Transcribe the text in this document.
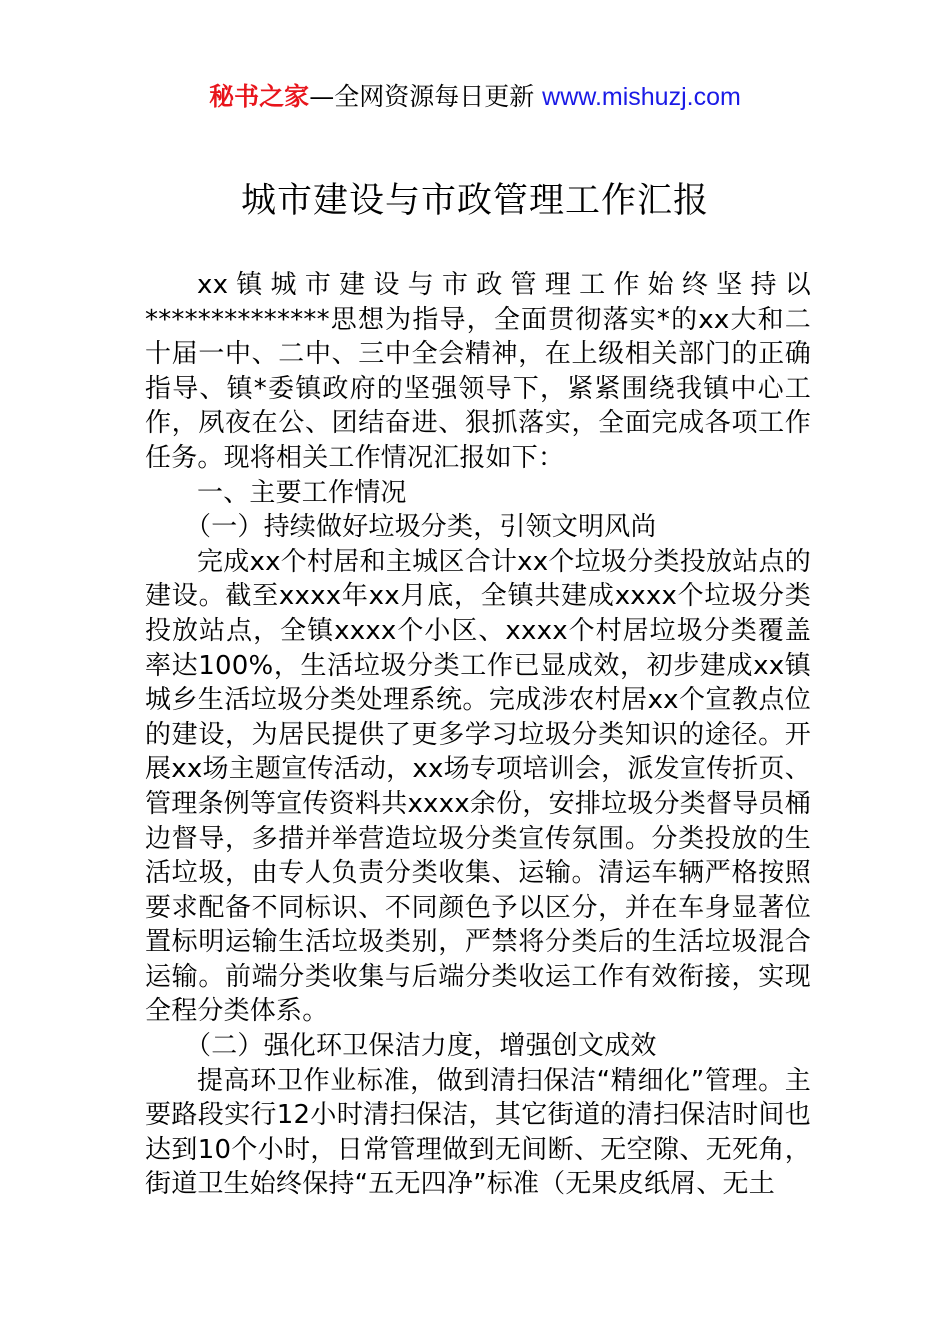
秘书之家—全网资源每日更新 www.mishuzj.com
城市建设与市政管理工作汇报

xx镇城市建设与市政管理工作始终坚持以**************思想为指导，全面贯彻落实*的xx大和二十届一中、二中、三中全会精神，在上级相关部门的正确指导、镇*委镇政府的坚强领导下，紧紧围绕我镇中心工作，夙夜在公、团结奋进、狠抓落实，全面完成各项工作任务。现将相关工作情况汇报如下：

一、主要工作情况

（一）持续做好垃圾分类，引领文明风尚

完成xx个村居和主城区合计xx个垃圾分类投放站点的建设。截至xxxx年xx月底，全镇共建成xxxx个垃圾分类投放站点，全镇xxxx个小区、xxxx个村居垃圾分类覆盖率达100%，生活垃圾分类工作已显成效，初步建成xx镇城乡生活垃圾分类处理系统。完成涉农村居xx个宣教点位的建设，为居民提供了更多学习垃圾分类知识的途径。开展xx场主题宣传活动，xx场专项培训会，派发宣传折页、管理条例等宣传资料共xxxx余份，安排垃圾分类督导员桶边督导，多措并举营造垃圾分类宣传氛围。分类投放的生活垃圾，由专人负责分类收集、运输。清运车辆严格按照要求配备不同标识、不同颜色予以区分，并在车身显著位置标明运输生活垃圾类别，严禁将分类后的生活垃圾混合运输。前端分类收集与后端分类收运工作有效衔接，实现全程分类体系。

（二）强化环卫保洁力度，增强创文成效

提高环卫作业标准，做到清扫保洁“精细化”管理。主要路段实行12小时清扫保洁，其它街道的清扫保洁时间也达到10个小时，日常管理做到无间断、无空隙、无死角，街道卫生始终保持“五无四净”标准（无果皮纸屑、无土
